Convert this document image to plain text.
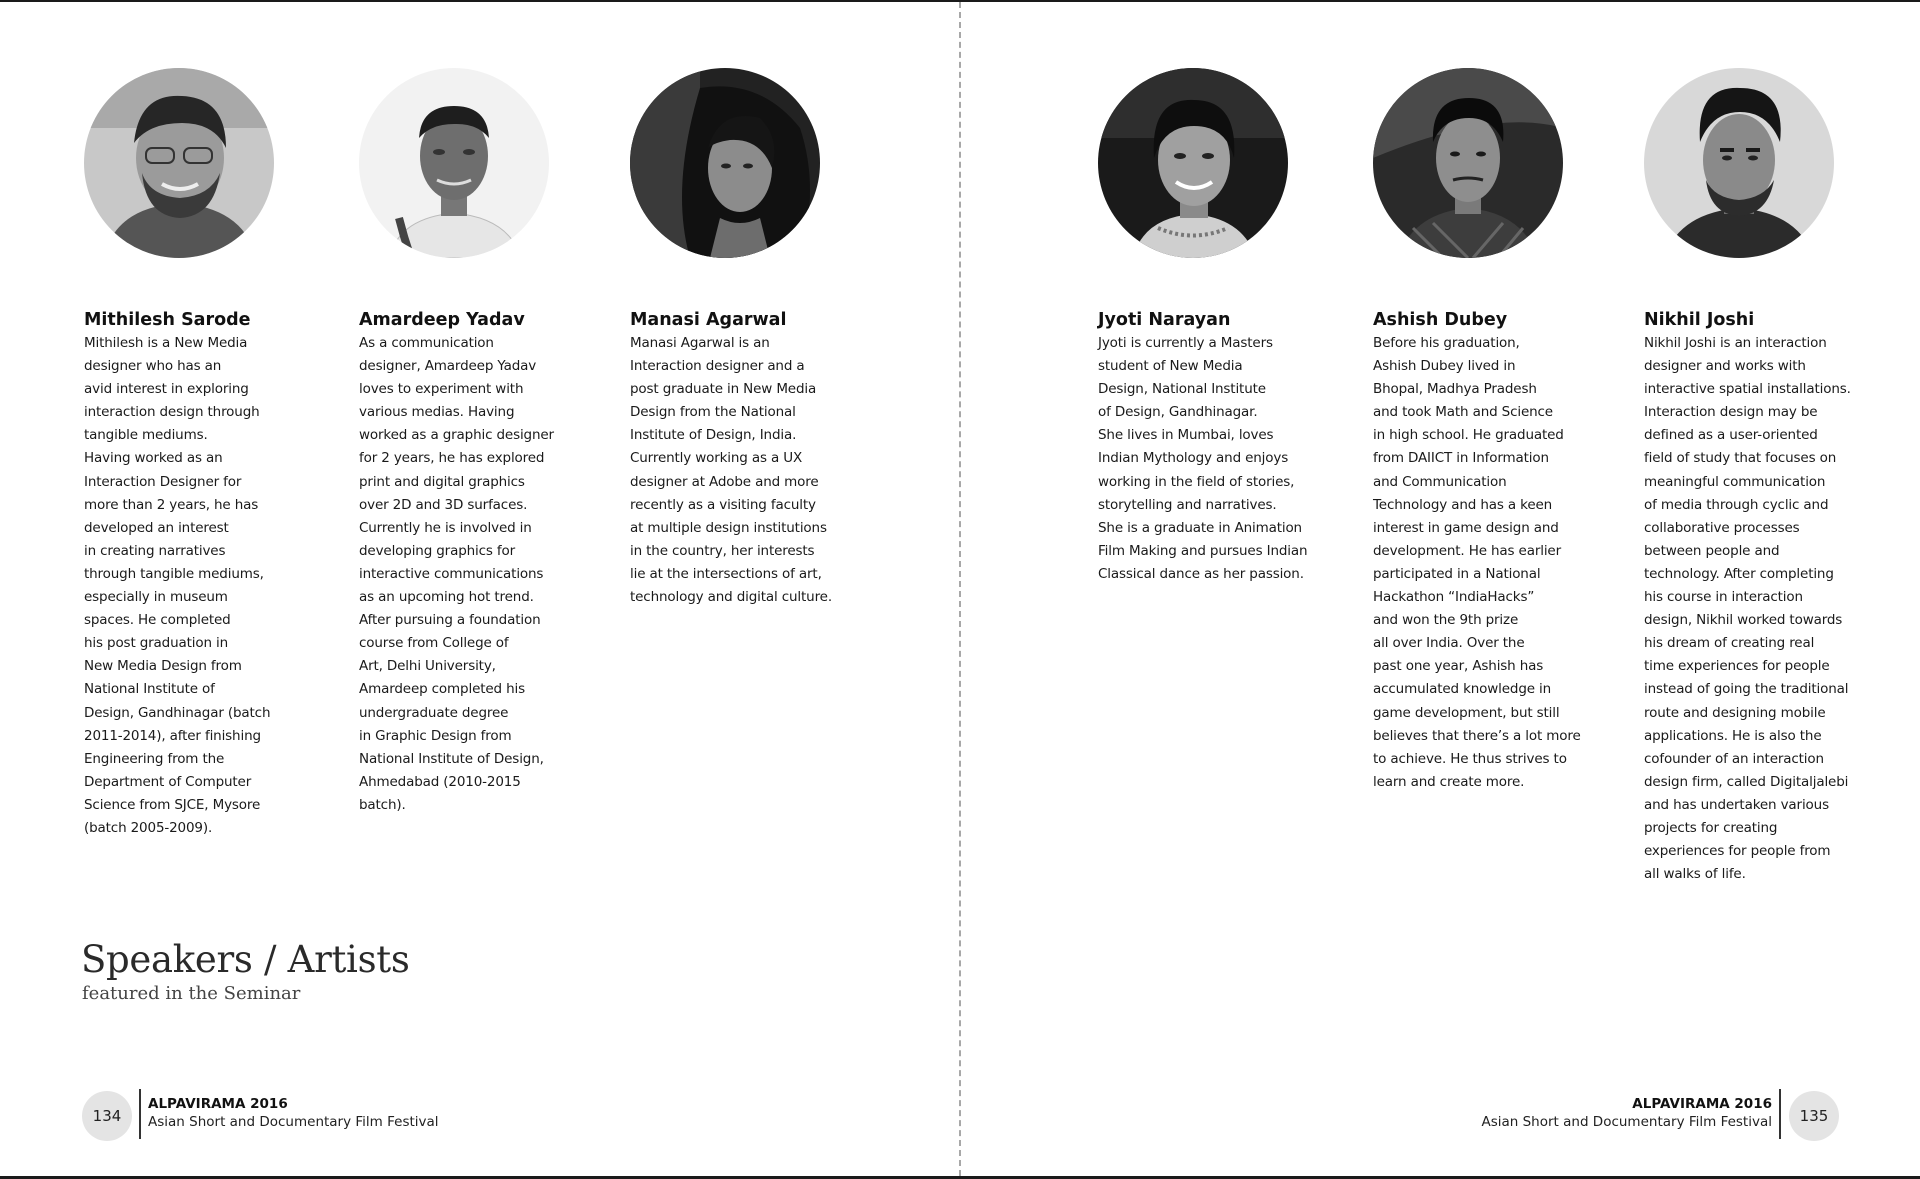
Mithilesh Sarode
Mithilesh is a New Media
designer who has an
avid interest in exploring
interaction design through
tangible mediums.
Having worked as an
Interaction Designer for
more than 2 years, he has
developed an interest
in creating narratives
through tangible mediums,
especially in museum
spaces. He completed
his post graduation in
New Media Design from
National Institute of
Design, Gandhinagar (batch
2011-2014), after finishing
Engineering from the
Department of Computer
Science from SJCE, Mysore
(batch 2005-2009).
Amardeep Yadav
As a communication
designer, Amardeep Yadav
loves to experiment with
various medias. Having
worked as a graphic designer
for 2 years, he has explored
print and digital graphics
over 2D and 3D surfaces.
Currently he is involved in
developing graphics for
interactive communications
as an upcoming hot trend.
After pursuing a foundation
course from College of
Art, Delhi University,
Amardeep completed his
undergraduate degree
in Graphic Design from
National Institute of Design,
Ahmedabad (2010-2015
batch).
Manasi Agarwal
Manasi Agarwal is an
Interaction designer and a
post graduate in New Media
Design from the National
Institute of Design, India.
Currently working as a UX
designer at Adobe and more
recently as a visiting faculty
at multiple design institutions
in the country, her interests
lie at the intersections of art,
technology and digital culture.
Jyoti Narayan
Jyoti is currently a Masters
student of New Media
Design, National Institute
of Design, Gandhinagar.
She lives in Mumbai, loves
Indian Mythology and enjoys
working in the field of stories,
storytelling and narratives.
She is a graduate in Animation
Film Making and pursues Indian
Classical dance as her passion.
Ashish Dubey
Before his graduation,
Ashish Dubey lived in
Bhopal, Madhya Pradesh
and took Math and Science
in high school. He graduated
from DAIICT in Information
and Communication
Technology and has a keen
interest in game design and
development. He has earlier
participated in a National
Hackathon “IndiaHacks”
and won the 9th prize
all over India. Over the
past one year, Ashish has
accumulated knowledge in
game development, but still
believes that there’s a lot more
to achieve. He thus strives to
learn and create more.
Nikhil Joshi
Nikhil Joshi is an interaction
designer and works with
interactive spatial installations.
Interaction design may be
defined as a user-oriented
field of study that focuses on
meaningful communication
of media through cyclic and
collaborative processes
between people and
technology. After completing
his course in interaction
design, Nikhil worked towards
his dream of creating real
time experiences for people
instead of going the traditional
route and designing mobile
applications. He is also the
cofounder of an interaction
design firm, called Digitaljalebi
and has undertaken various
projects for creating
experiences for people from
all walks of life.
Speakers / Artists
featured in the Seminar
134
ALPAVIRAMA 2016
Asian Short and Documentary Film Festival
ALPAVIRAMA 2016
Asian Short and Documentary Film Festival	135
